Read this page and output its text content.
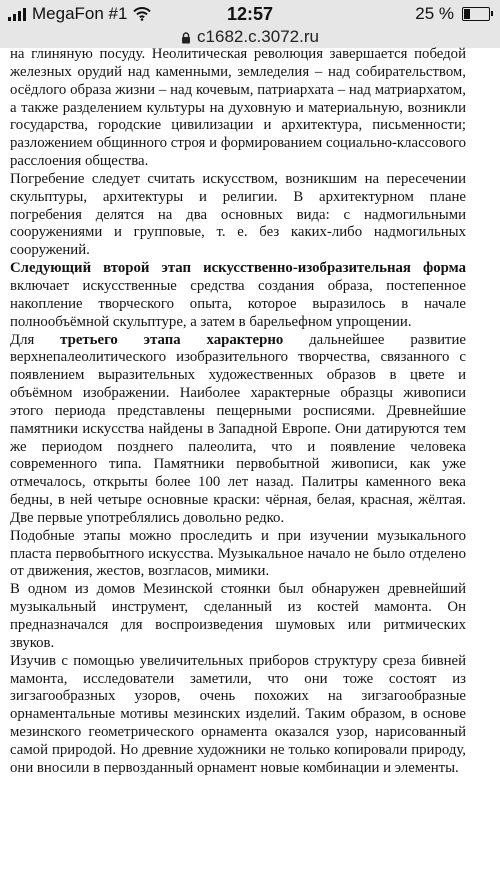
MegaFon #1	12:57	25 %
c1682.c.3072.ru

на глиняную посуду. Неолитическая революция завершается победой железных орудий над каменными, земледелия – над собирательством, осёдлого образа жизни – над кочевым, патриархата – над матриархатом, а также разделением культуры на духовную и материальную, возникли государства, городские цивилизации и архитектура, письменности; разложением общинного строя и формированием социально-классового расслоения общества.

Погребение следует считать искусством, возникшим на пересечении скульптуры, архитектуры и религии. В архитектурном плане погребения делятся на два основных вида: с надмогильными сооружениями и групповые, т. е. без каких-либо надмогильных сооружений.

Следующий второй этап искусственно-изобразительная форма включает искусственные средства создания образа, постепенное накопление творческого опыта, которое выразилось в начале полнообъёмной скульптуре, а затем в барельефном упрощении.

Для третьего этапа характерно дальнейшее развитие верхнепалеолитического изобразительного творчества, связанного с появлением выразительных художественных образов в цвете и объёмном изображении. Наиболее характерные образцы живописи этого периода представлены пещерными росписями. Древнейшие памятники искусства найдены в Западной Европе. Они датируются тем же периодом позднего палеолита, что и появление человека современного типа. Памятники первобытной живописи, как уже отмечалось, открыты более 100 лет назад. Палитры каменного века бедны, в ней четыре основные краски: чёрная, белая, красная, жёлтая. Две первые употреблялись довольно редко.

Подобные этапы можно проследить и при изучении музыкального пласта первобытного искусства. Музыкальное начало не было отделено от движения, жестов, возгласов, мимики.

В одном из домов Мезинской стоянки был обнаружен древнейший музыкальный инструмент, сделанный из костей мамонта. Он предназначался для воспроизведения шумовых или ритмических звуков.

Изучив с помощью увеличительных приборов структуру среза бивней мамонта, исследователи заметили, что они тоже состоят из зигзагообразных узоров, очень похожих на зигзагообразные орнаментальные мотивы мезинских изделий. Таким образом, в основе мезинского геометрического орнамента оказался узор, нарисованный самой природой. Но древние художники не только копировали природу, они вносили в первозданный орнамент новые комбинации и элементы.
